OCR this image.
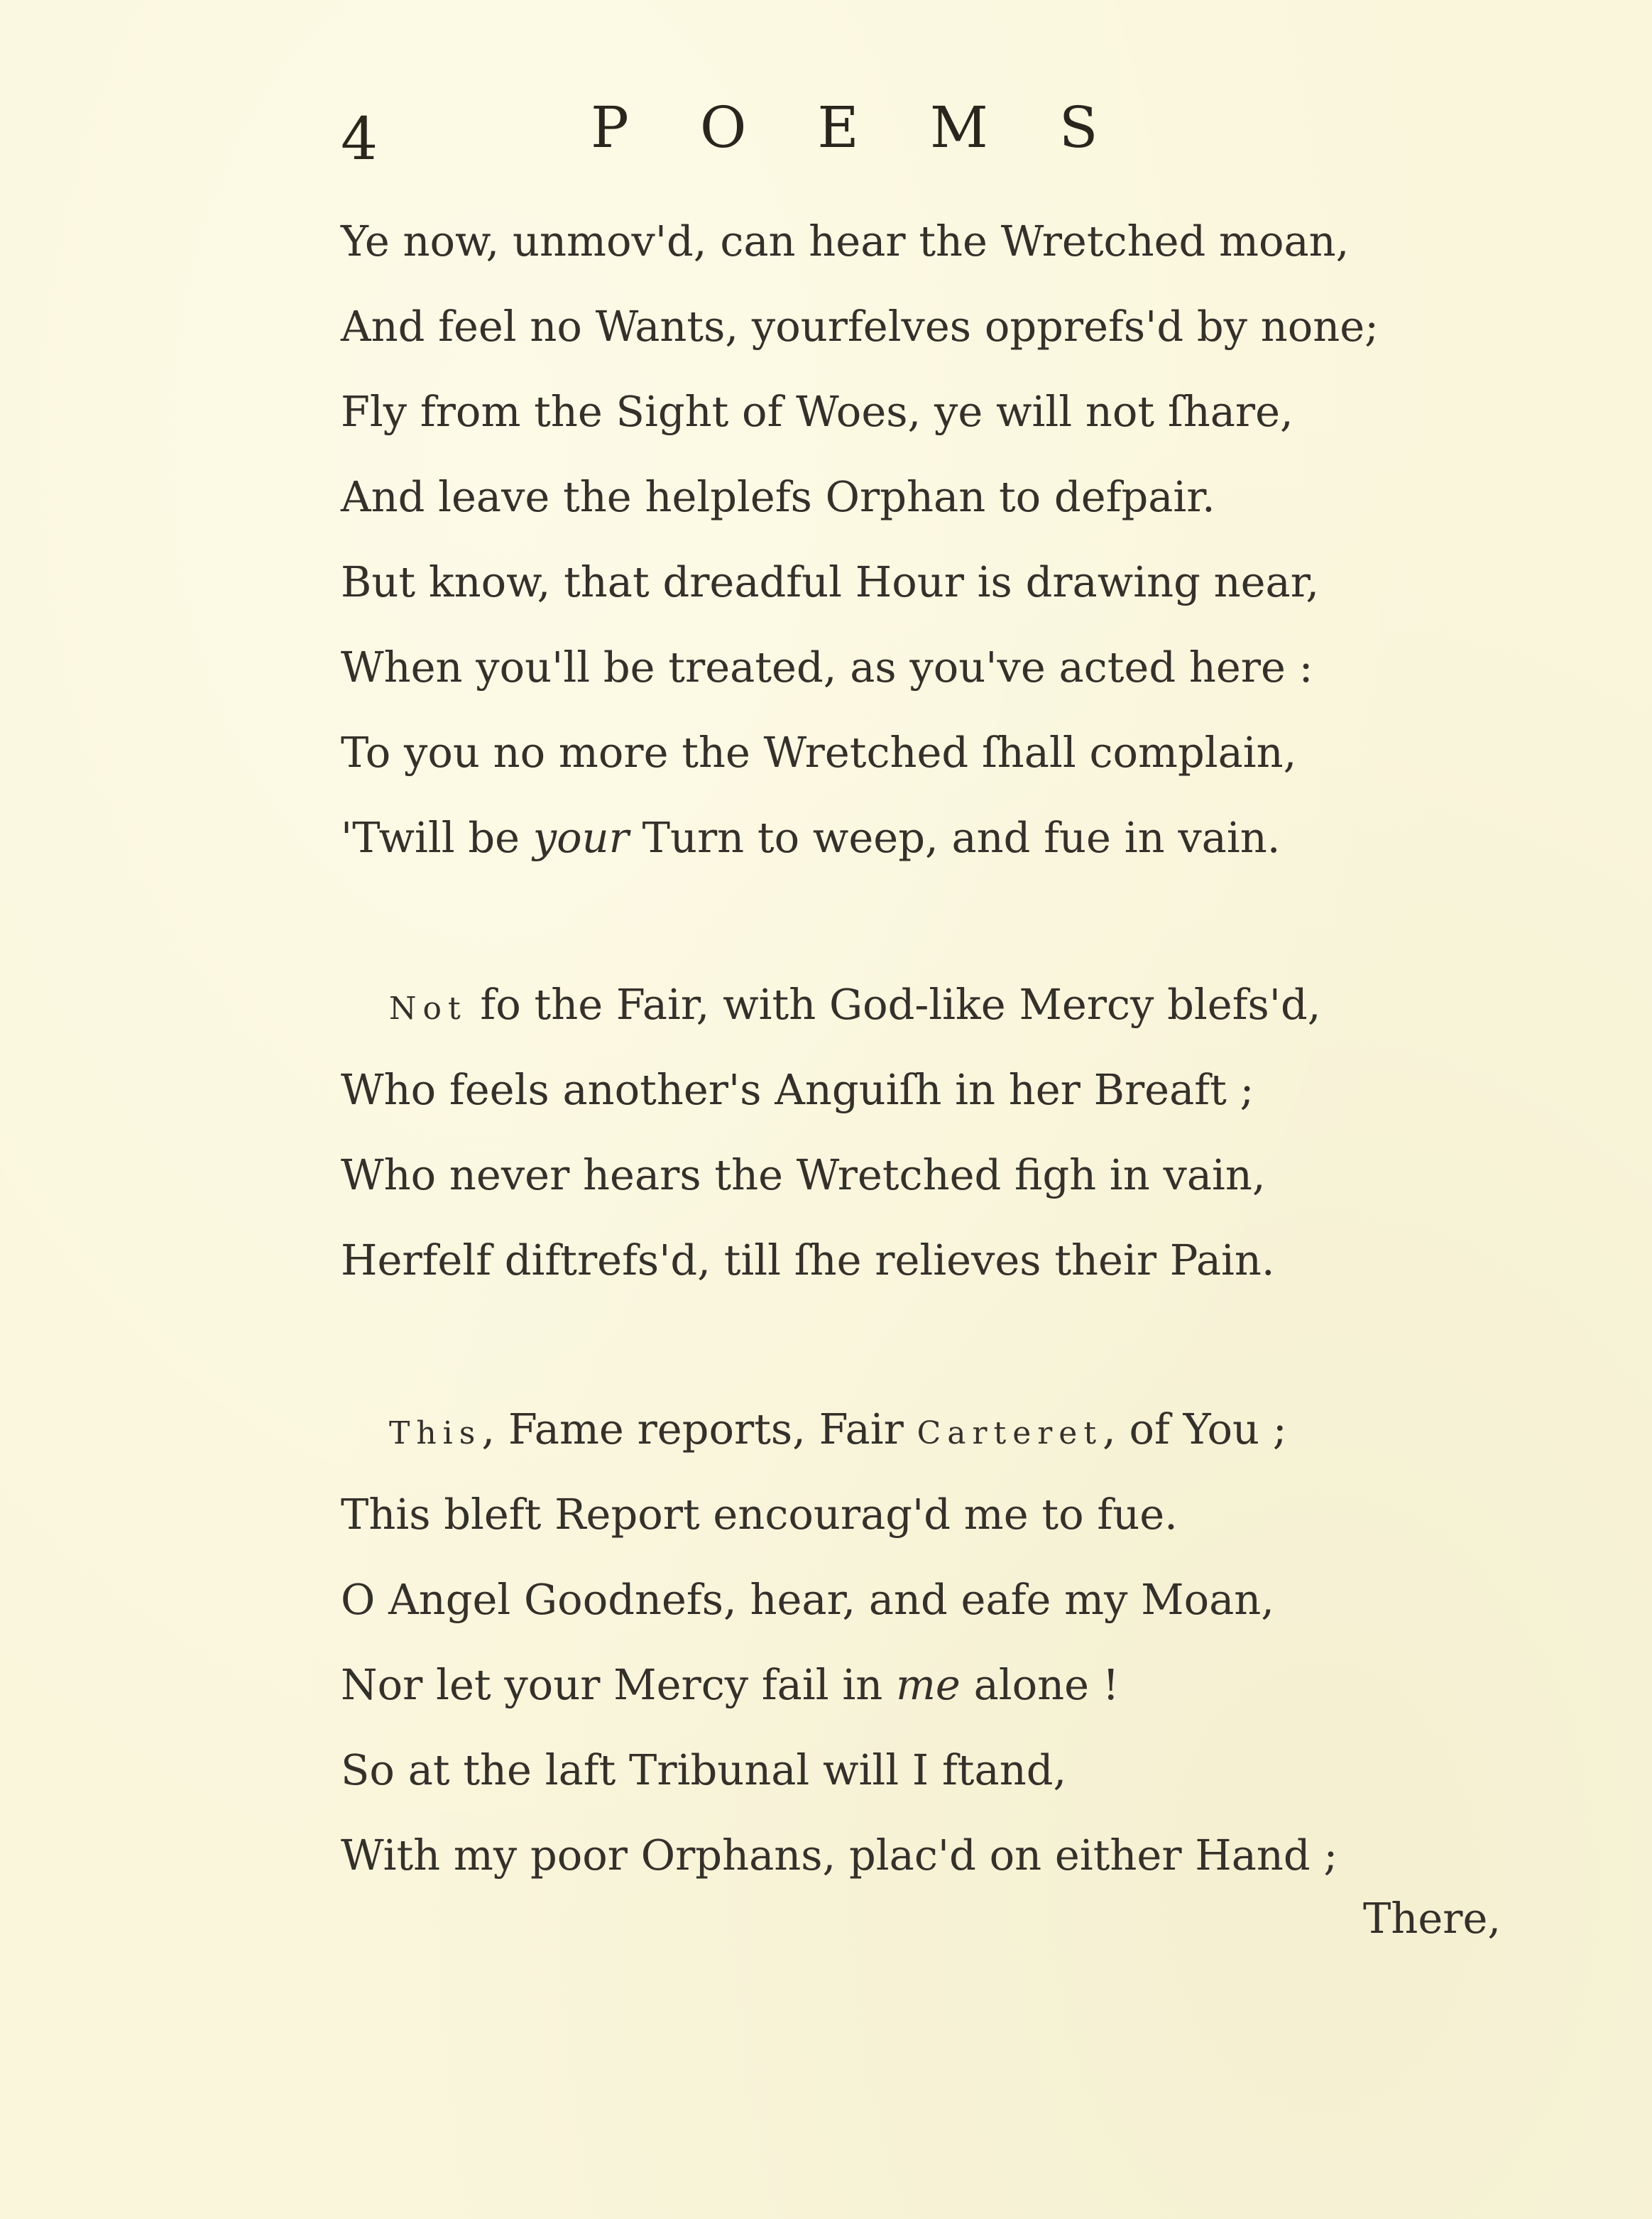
4	POEMS
Ye now, unmov'd, can hear the Wretched moan,
And feel no Wants, yourfelves opprefs'd by none;
Fly from the Sight of Woes, ye will not ſhare,
And leave the helplefs Orphan to defpair.
But know, that dreadful Hour is drawing near,
When you'll be treated, as you've acted here :
To you no more the Wretched ſhall complain,
'Twill be your Turn to weep, and fue in vain.
Not fo the Fair, with God-like Mercy blefs'd,
Who feels another's Anguiſh in her Breaft ;
Who never hears the Wretched figh in vain,
Herfelf diftrefs'd, till ſhe relieves their Pain.
This, Fame reports, Fair Carteret, of You ;
This bleft Report encourag'd me to fue.
O Angel Goodnefs, hear, and eafe my Moan,
Nor let your Mercy fail in me alone !
So at the laft Tribunal will I ftand,
With my poor Orphans, plac'd on either Hand ;
There,
